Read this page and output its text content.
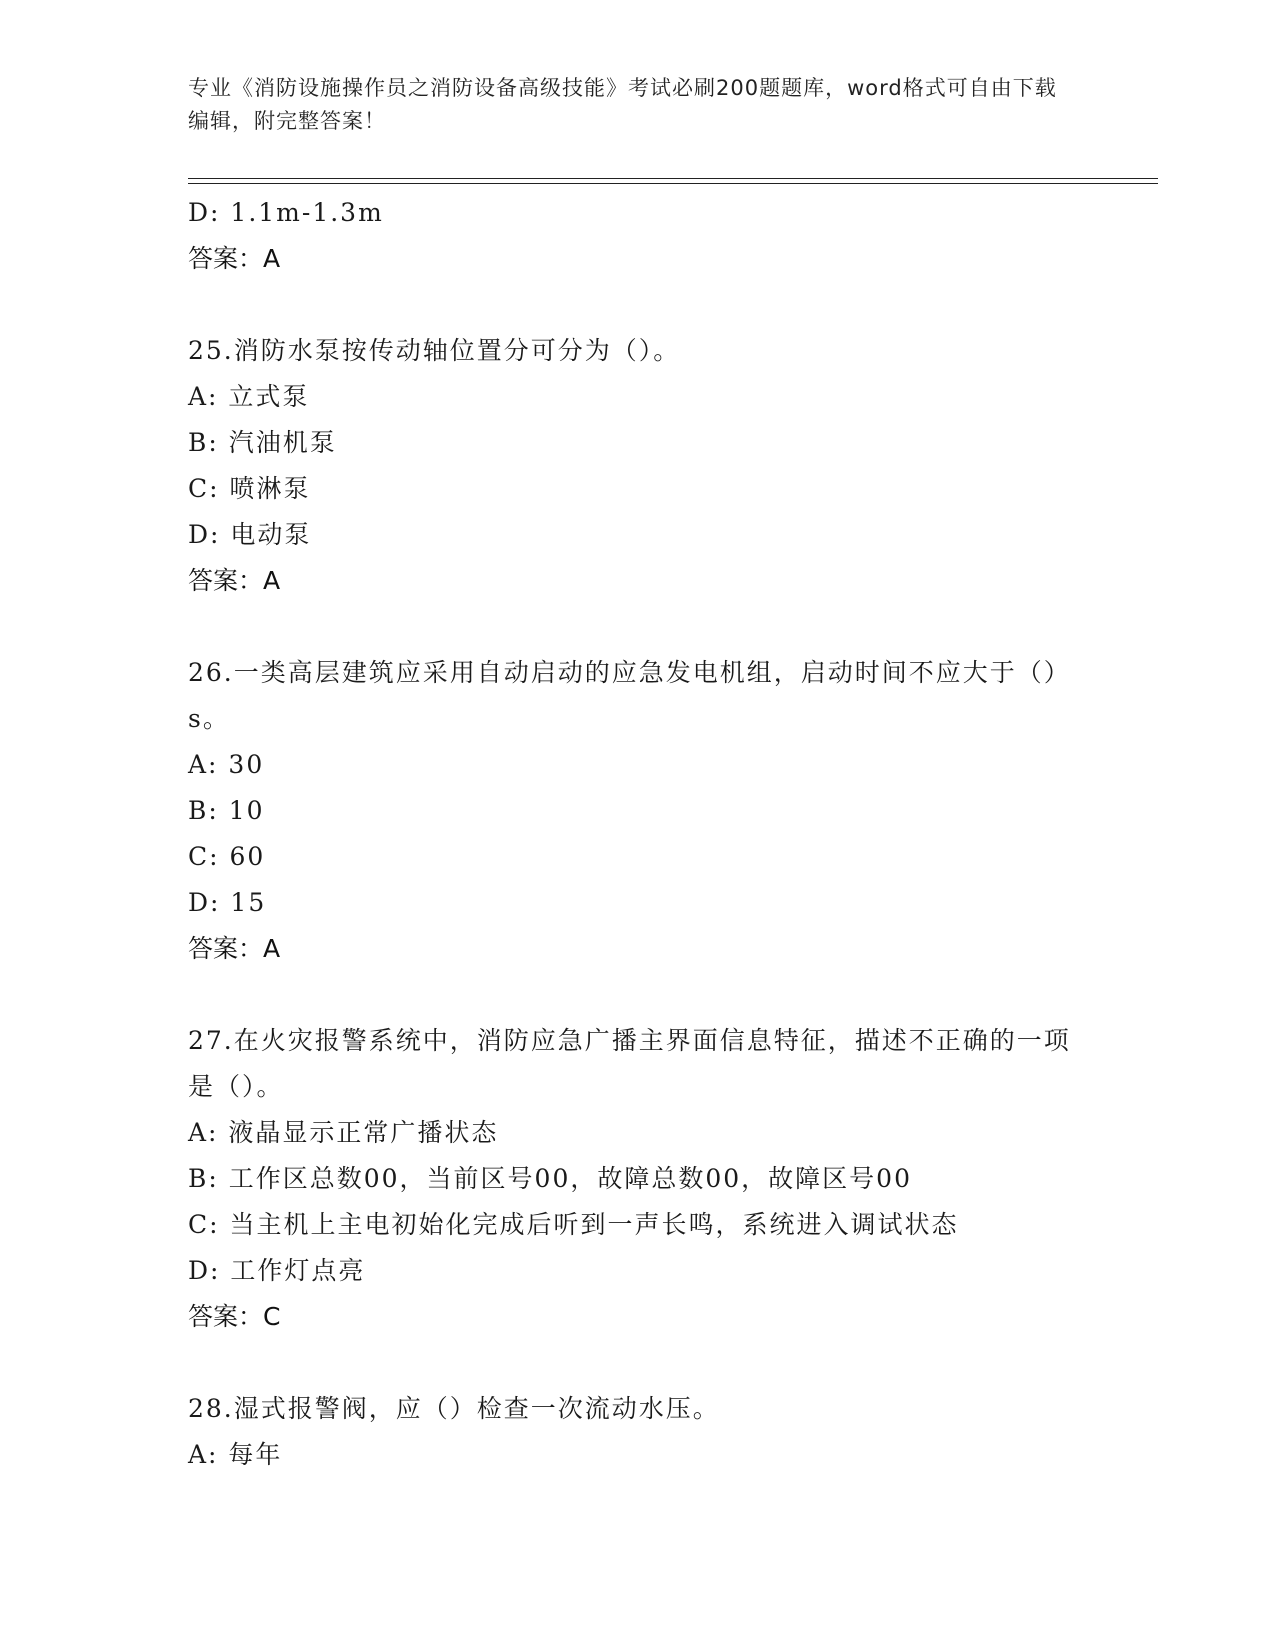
专业《消防设施操作员之消防设备高级技能》考试必刷200题题库，word格式可自由下载编辑，附完整答案！
D: 1.1m-1.3m
答案：A
25.消防水泵按传动轴位置分可分为（）。
A: 立式泵
B: 汽油机泵
C: 喷淋泵
D: 电动泵
答案：A
26.一类高层建筑应采用自动启动的应急发电机组，启动时间不应大于（）s。
A: 30
B: 10
C: 60
D: 15
答案：A
27.在火灾报警系统中，消防应急广播主界面信息特征，描述不正确的一项是（）。
A: 液晶显示正常广播状态
B: 工作区总数00，当前区号00，故障总数00，故障区号00
C: 当主机上主电初始化完成后听到一声长鸣，系统进入调试状态
D: 工作灯点亮
答案：C
28.湿式报警阀，应（）检查一次流动水压。
A: 每年
